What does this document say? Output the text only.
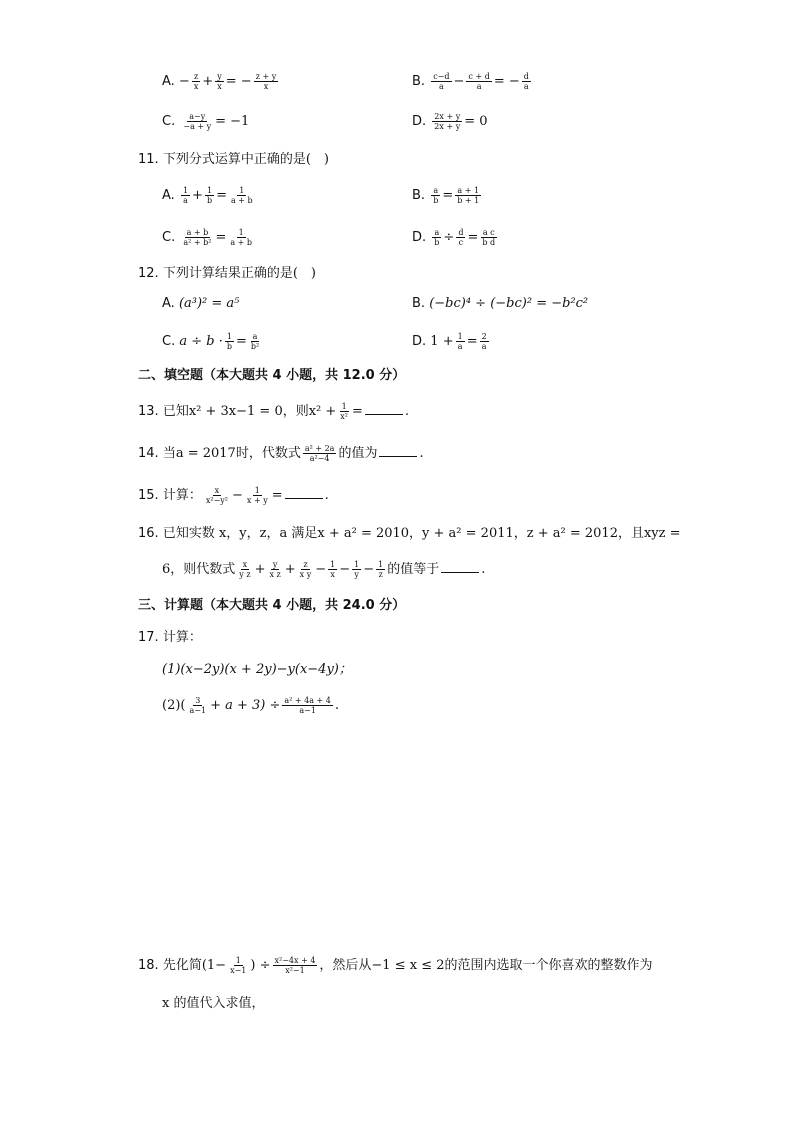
A. − $\frac{z}{x} + \frac{y}{x}$ = − $\frac{z + y}{x}$	B. $\frac{c-d}{a} - \frac{c + d}{a}$ = − $\frac{d}{a}$
C. $\frac{a-y}{-a + y} = -1$	D. $\frac{2x + y}{2x + y} = 0$
11. 下列分式运算中正确的是(　)
A. $\frac{1}{a} + \frac{1}{b} = \frac{1}{a + b}$	B. $\frac{a}{b} = \frac{a + 1}{b + 1}$
C. $\frac{a + b}{\text{a² + b²}} = \frac{1}{a + b}$	D. $\frac{a}{b} \div \frac{d}{c} = \frac{\text{a c}}{\text{b d}}$
12. 下列计算结果正确的是(　)
A. (a³)² = a⁵	B. (−bc)⁴ ÷ (−bc)² = −b²c²
C. $a \div b \cdot \frac{1}{b} = \frac{a}{\text{b²}}$	D. $1 + \frac{1}{a} = \frac{2}{a}$
二、填空题（本大题共 4 小题，共 12.0 分）
13. 已知x² + 3x−1 = 0，则$x^2 + \frac{1}{\text{x²}}$ =	.
14. 当a = 2017时，代数式 $\frac{\text{a² + 2a}}{\text{a²−4}}$ 的值为	.
15. 计算： $\frac{x}{\text{x²−y²}} - \frac{1}{x + y}$ =	.
16. 已知实数 x，y，z，a 满足x + a² = 2010，y + a² = 2011，z + a² = 2012，且xyz =
6，则代数式 $\frac{x}{\text{y z}} + \frac{y}{\text{x z}} + \frac{z}{\text{x y}} - \frac{1}{x} - \frac{1}{y} - \frac{1}{z}$ 的值等于	.
三、计算题（本大题共 4 小题，共 24.0 分）
17. 计算：
(1)(x−2y)(x + 2y)−y(x−4y)；
$(2)( \frac{3}{a-1} + a + 3) \div \frac{\text{a² + 4a + 4}}{a-1}$ .
18. 先化简($1- \frac{1}{x-1}$ ) ÷ $\frac{\text{x²−4x + 4}}{\text{x²−1}}$ ，然后从−1 ≤ x ≤ 2的范围内选取一个你喜欢的整数作为
x 的值代入求值，
